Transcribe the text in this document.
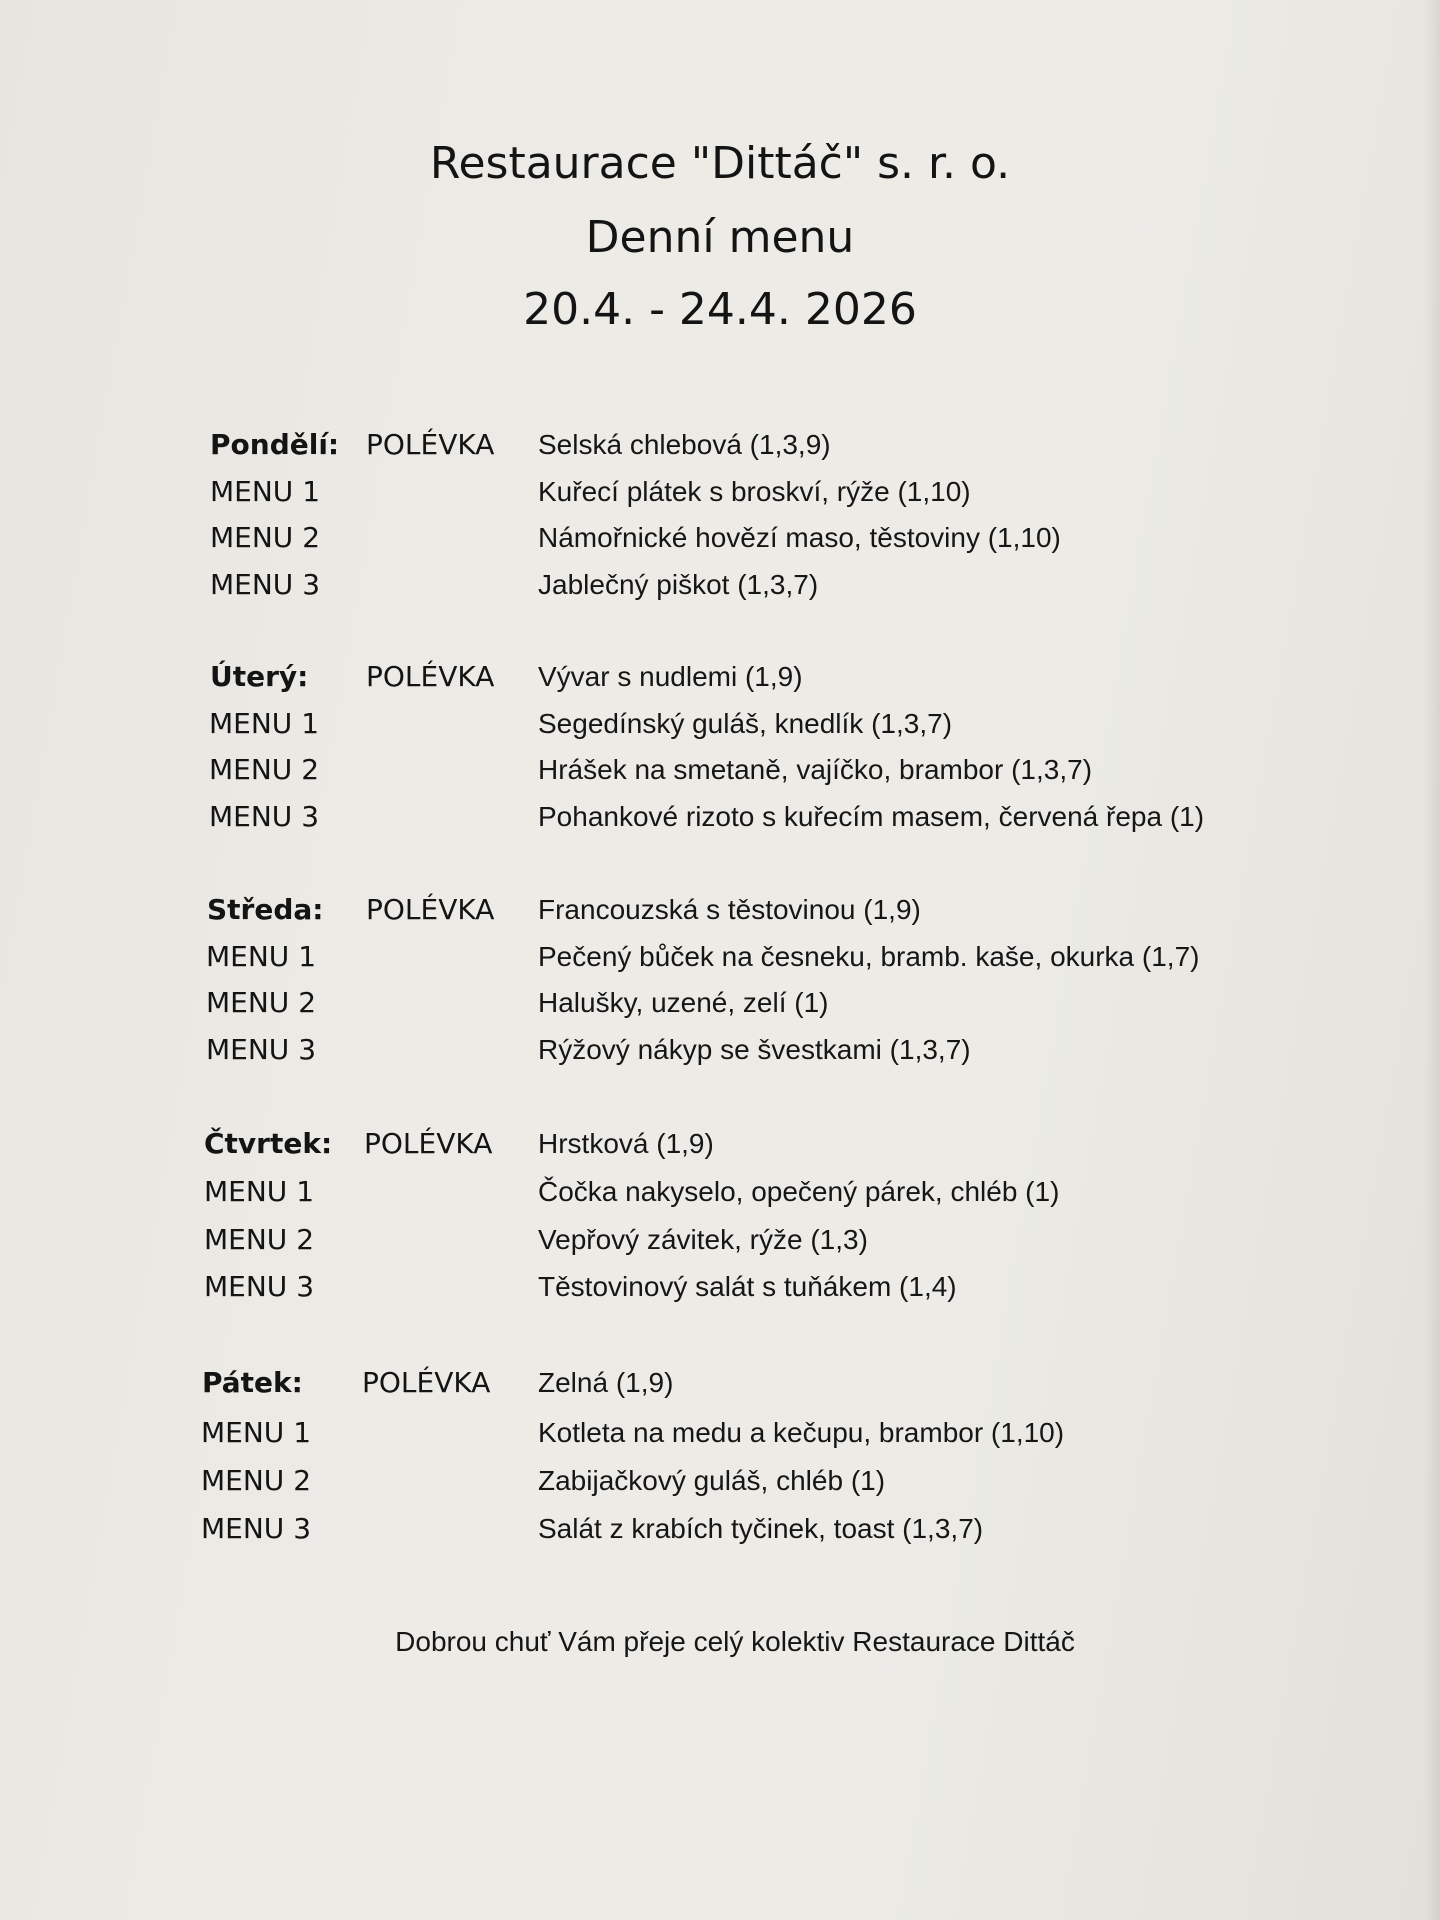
Restaurace "Dittáč" s. r. o.
Denní menu
20.4. - 24.4. 2026
Pondělí: POLÉVKA Selská chlebová (1,3,9)
MENU 1	Kuřecí plátek s broskví, rýže (1,10)
MENU 2	Námořnické hovězí maso, těstoviny (1,10)
MENU 3	Jablečný piškot (1,3,7)
Úterý: POLÉVKA Vývar s nudlemi (1,9)
MENU 1	Segedínský guláš, knedlík (1,3,7)
MENU 2	Hrášek na smetaně, vajíčko, brambor (1,3,7)
MENU 3	Pohankové rizoto s kuřecím masem, červená řepa (1)
Středa: POLÉVKA Francouzská s těstovinou (1,9)
MENU 1	Pečený bůček na česneku, bramb. kaše, okurka (1,7)
MENU 2	Halušky, uzené, zelí (1)
MENU 3	Rýžový nákyp se švestkami (1,3,7)
Čtvrtek: POLÉVKA Hrstková (1,9)
MENU 1	Čočka nakyselo, opečený párek, chléb (1)
MENU 2	Vepřový závitek, rýže (1,3)
MENU 3	Těstovinový salát s tuňákem (1,4)
Pátek: POLÉVKA Zelná (1,9)
MENU 1	Kotleta na medu a kečupu, brambor (1,10)
MENU 2	Zabijačkový guláš, chléb (1)
MENU 3	Salát z krabích tyčinek, toast (1,3,7)
Dobrou chuť Vám přeje celý kolektiv Restaurace Dittáč
